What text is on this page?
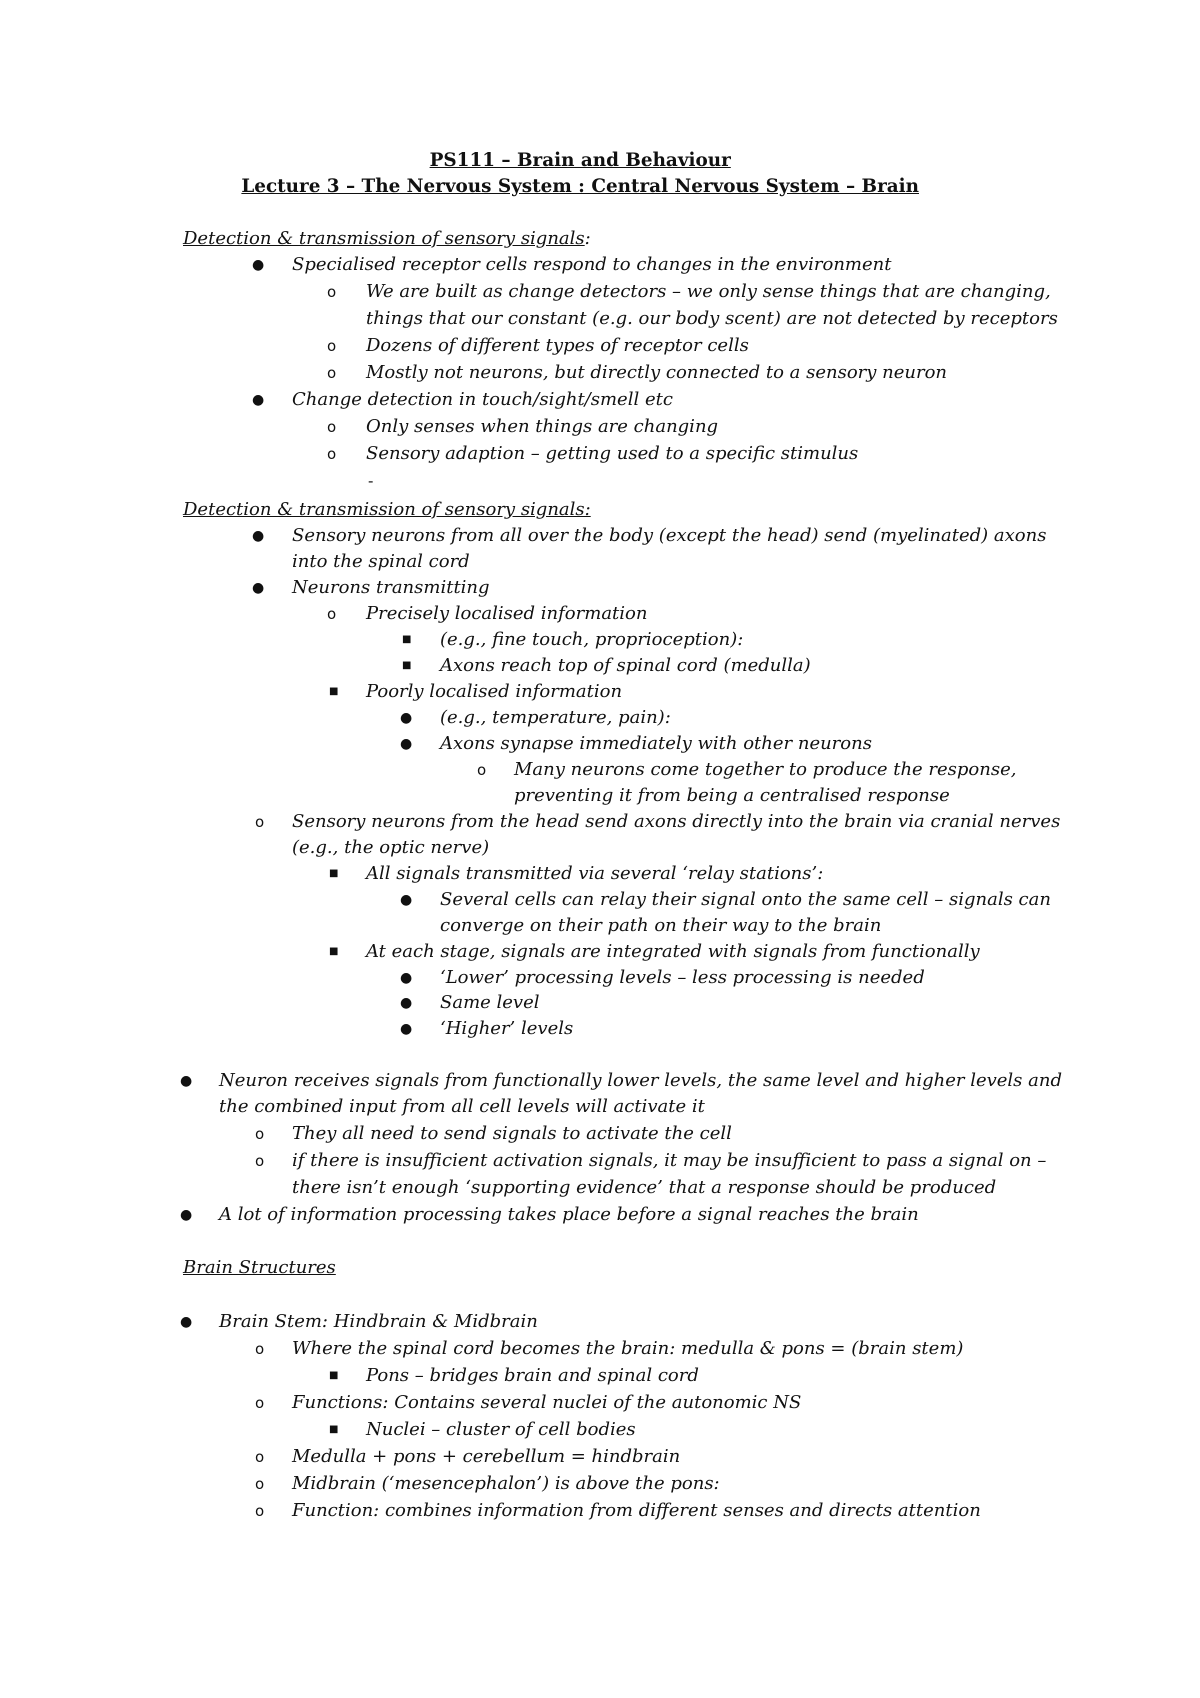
PS111 – Brain and Behaviour
Lecture 3 – The Nervous System : Central Nervous System – Brain
Detection & transmission of sensory signals:
● Specialised receptor cells respond to changes in the environment
o We are built as change detectors – we only sense things that are changing,
things that our constant (e.g. our body scent) are not detected by receptors
o Dozens of different types of receptor cells
o Mostly not neurons, but directly connected to a sensory neuron
● Change detection in touch/sight/smell etc
o Only senses when things are changing
o Sensory adaption – getting used to a specific stimulus
-
Detection & transmission of sensory signals:
● Sensory neurons from all over the body (except the head) send (myelinated) axons
into the spinal cord
● Neurons transmitting
o Precisely localised information
■ (e.g., fine touch, proprioception):
■ Axons reach top of spinal cord (medulla)
■ Poorly localised information
● (e.g., temperature, pain):
● Axons synapse immediately with other neurons
o Many neurons come together to produce the response,
preventing it from being a centralised response
o Sensory neurons from the head send axons directly into the brain via cranial nerves
(e.g., the optic nerve)
■ All signals transmitted via several ‘relay stations’:
● Several cells can relay their signal onto the same cell – signals can
converge on their path on their way to the brain
■ At each stage, signals are integrated with signals from functionally
● ‘Lower’ processing levels – less processing is needed
● Same level
● ‘Higher’ levels
● Neuron receives signals from functionally lower levels, the same level and higher levels and
the combined input from all cell levels will activate it
o They all need to send signals to activate the cell
o if there is insufficient activation signals, it may be insufficient to pass a signal on –
there isn’t enough ‘supporting evidence’ that a response should be produced
● A lot of information processing takes place before a signal reaches the brain
Brain Structures
● Brain Stem: Hindbrain & Midbrain
o Where the spinal cord becomes the brain: medulla & pons = (brain stem)
■ Pons – bridges brain and spinal cord
o Functions: Contains several nuclei of the autonomic NS
■ Nuclei – cluster of cell bodies
o Medulla + pons + cerebellum = hindbrain
o Midbrain (‘mesencephalon’) is above the pons:
o Function: combines information from different senses and directs attention
